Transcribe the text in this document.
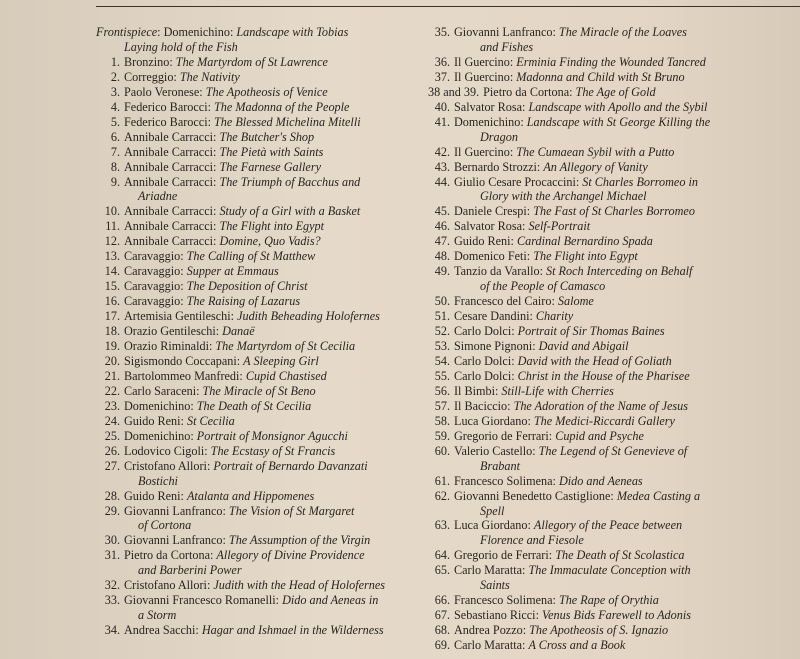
Frontispiece: Domenichino: Landscape with Tobias
Laying hold of the Fish
1. Bronzino: The Martyrdom of St Lawrence
2. Correggio: The Nativity
3. Paolo Veronese: The Apotheosis of Venice
4. Federico Barocci: The Madonna of the People
5. Federico Barocci: The Blessed Michelina Mitelli
6. Annibale Carracci: The Butcher's Shop
7. Annibale Carracci: The Pietà with Saints
8. Annibale Carracci: The Farnese Gallery
9. Annibale Carracci: The Triumph of Bacchus and
Ariadne
10. Annibale Carracci: Study of a Girl with a Basket
11. Annibale Carracci: The Flight into Egypt
12. Annibale Carracci: Domine, Quo Vadis?
13. Caravaggio: The Calling of St Matthew
14. Caravaggio: Supper at Emmaus
15. Caravaggio: The Deposition of Christ
16. Caravaggio: The Raising of Lazarus
17. Artemisia Gentileschi: Judith Beheading Holofernes
18. Orazio Gentileschi: Danaë
19. Orazio Riminaldi: The Martyrdom of St Cecilia
20. Sigismondo Coccapani: A Sleeping Girl
21. Bartolommeo Manfredi: Cupid Chastised
22. Carlo Saraceni: The Miracle of St Beno
23. Domenichino: The Death of St Cecilia
24. Guido Reni: St Cecilia
25. Domenichino: Portrait of Monsignor Agucchi
26. Lodovico Cigoli: The Ecstasy of St Francis
27. Cristofano Allori: Portrait of Bernardo Davanzati
Bostichi
28. Guido Reni: Atalanta and Hippomenes
29. Giovanni Lanfranco: The Vision of St Margaret
of Cortona
30. Giovanni Lanfranco: The Assumption of the Virgin
31. Pietro da Cortona: Allegory of Divine Providence
and Barberini Power
32. Cristofano Allori: Judith with the Head of Holofernes
33. Giovanni Francesco Romanelli: Dido and Aeneas in
a Storm
34. Andrea Sacchi: Hagar and Ishmael in the Wilderness
35. Giovanni Lanfranco: The Miracle of the Loaves
and Fishes
36. Il Guercino: Erminia Finding the Wounded Tancred
37. Il Guercino: Madonna and Child with St Bruno
38 and 39. Pietro da Cortona: The Age of Gold
40. Salvator Rosa: Landscape with Apollo and the Sybil
41. Domenichino: Landscape with St George Killing the
Dragon
42. Il Guercino: The Cumaean Sybil with a Putto
43. Bernardo Strozzi: An Allegory of Vanity
44. Giulio Cesare Procaccini: St Charles Borromeo in
Glory with the Archangel Michael
45. Daniele Crespi: The Fast of St Charles Borromeo
46. Salvator Rosa: Self-Portrait
47. Guido Reni: Cardinal Bernardino Spada
48. Domenico Feti: The Flight into Egypt
49. Tanzio da Varallo: St Roch Interceding on Behalf
of the People of Camasco
50. Francesco del Cairo: Salome
51. Cesare Dandini: Charity
52. Carlo Dolci: Portrait of Sir Thomas Baines
53. Simone Pignoni: David and Abigail
54. Carlo Dolci: David with the Head of Goliath
55. Carlo Dolci: Christ in the House of the Pharisee
56. Il Bimbi: Still-Life with Cherries
57. Il Baciccio: The Adoration of the Name of Jesus
58. Luca Giordano: The Medici-Riccardi Gallery
59. Gregorio de Ferrari: Cupid and Psyche
60. Valerio Castello: The Legend of St Genevieve of
Brabant
61. Francesco Solimena: Dido and Aeneas
62. Giovanni Benedetto Castiglione: Medea Casting a
Spell
63. Luca Giordano: Allegory of the Peace between
Florence and Fiesole
64. Gregorio de Ferrari: The Death of St Scolastica
65. Carlo Maratta: The Immaculate Conception with
Saints
66. Francesco Solimena: The Rape of Orythia
67. Sebastiano Ricci: Venus Bids Farewell to Adonis
68. Andrea Pozzo: The Apotheosis of S. Ignazio
69. Carlo Maratta: A Cross and a Book
